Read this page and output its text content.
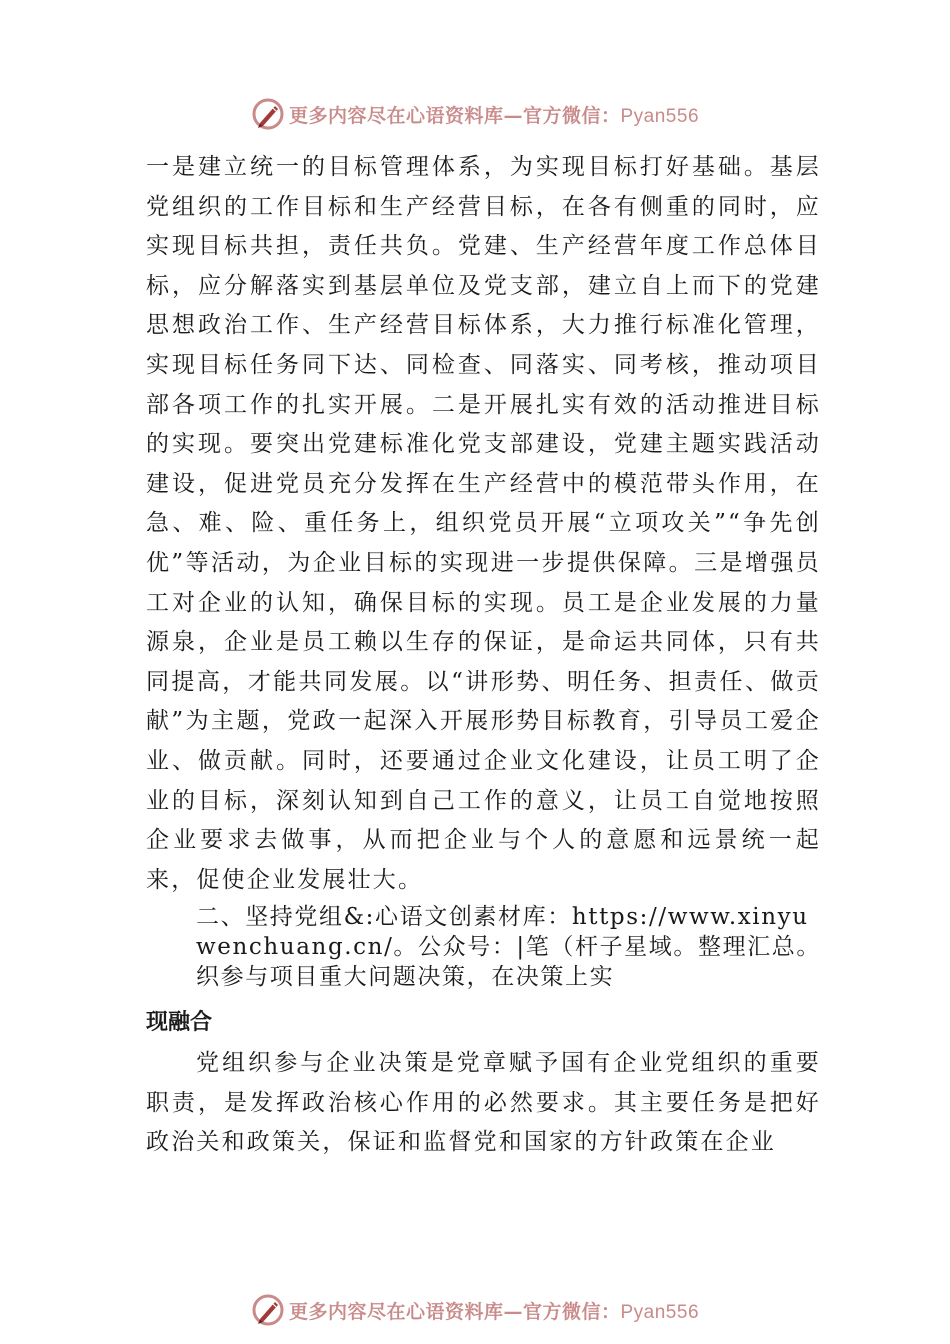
更多内容尽在心语资料库—官方微信：Pyan556

一是建立统一的目标管理体系，为实现目标打好基础。基层党组织的工作目标和生产经营目标，在各有侧重的同时，应实现目标共担，责任共负。党建、生产经营年度工作总体目标，应分解落实到基层单位及党支部，建立自上而下的党建思想政治工作、生产经营目标体系，大力推行标准化管理，实现目标任务同下达、同检查、同落实、同考核，推动项目部各项工作的扎实开展。二是开展扎实有效的活动推进目标的实现。要突出党建标准化党支部建设，党建主题实践活动建设，促进党员充分发挥在生产经营中的模范带头作用，在急、难、险、重任务上，组织党员开展“立项攻关”“争先创优”等活动，为企业目标的实现进一步提供保障。三是增强员工对企业的认知，确保目标的实现。员工是企业发展的力量源泉，企业是员工赖以生存的保证，是命运共同体，只有共同提高，才能共同发展。以“讲形势、明任务、担责任、做贡献”为主题，党政一起深入开展形势目标教育，引导员工爱企业、做贡献。同时，还要通过企业文化建设，让员工明了企业的目标，深刻认知到自己工作的意义，让员工自觉地按照企业要求去做事，从而把企业与个人的意愿和远景统一起来，促使企业发展壮大。

二、坚持党组&:心语文创素材库：https://www.xinyuwenchuang.cn/。公众号：|笔（杆子星域。整理汇总。织参与项目重大问题决策，在决策上实

现融合

党组织参与企业决策是党章赋予国有企业党组织的重要职责，是发挥政治核心作用的必然要求。其主要任务是把好政治关和政策关，保证和监督党和国家的方针政策在企业

更多内容尽在心语资料库—官方微信：Pyan556
